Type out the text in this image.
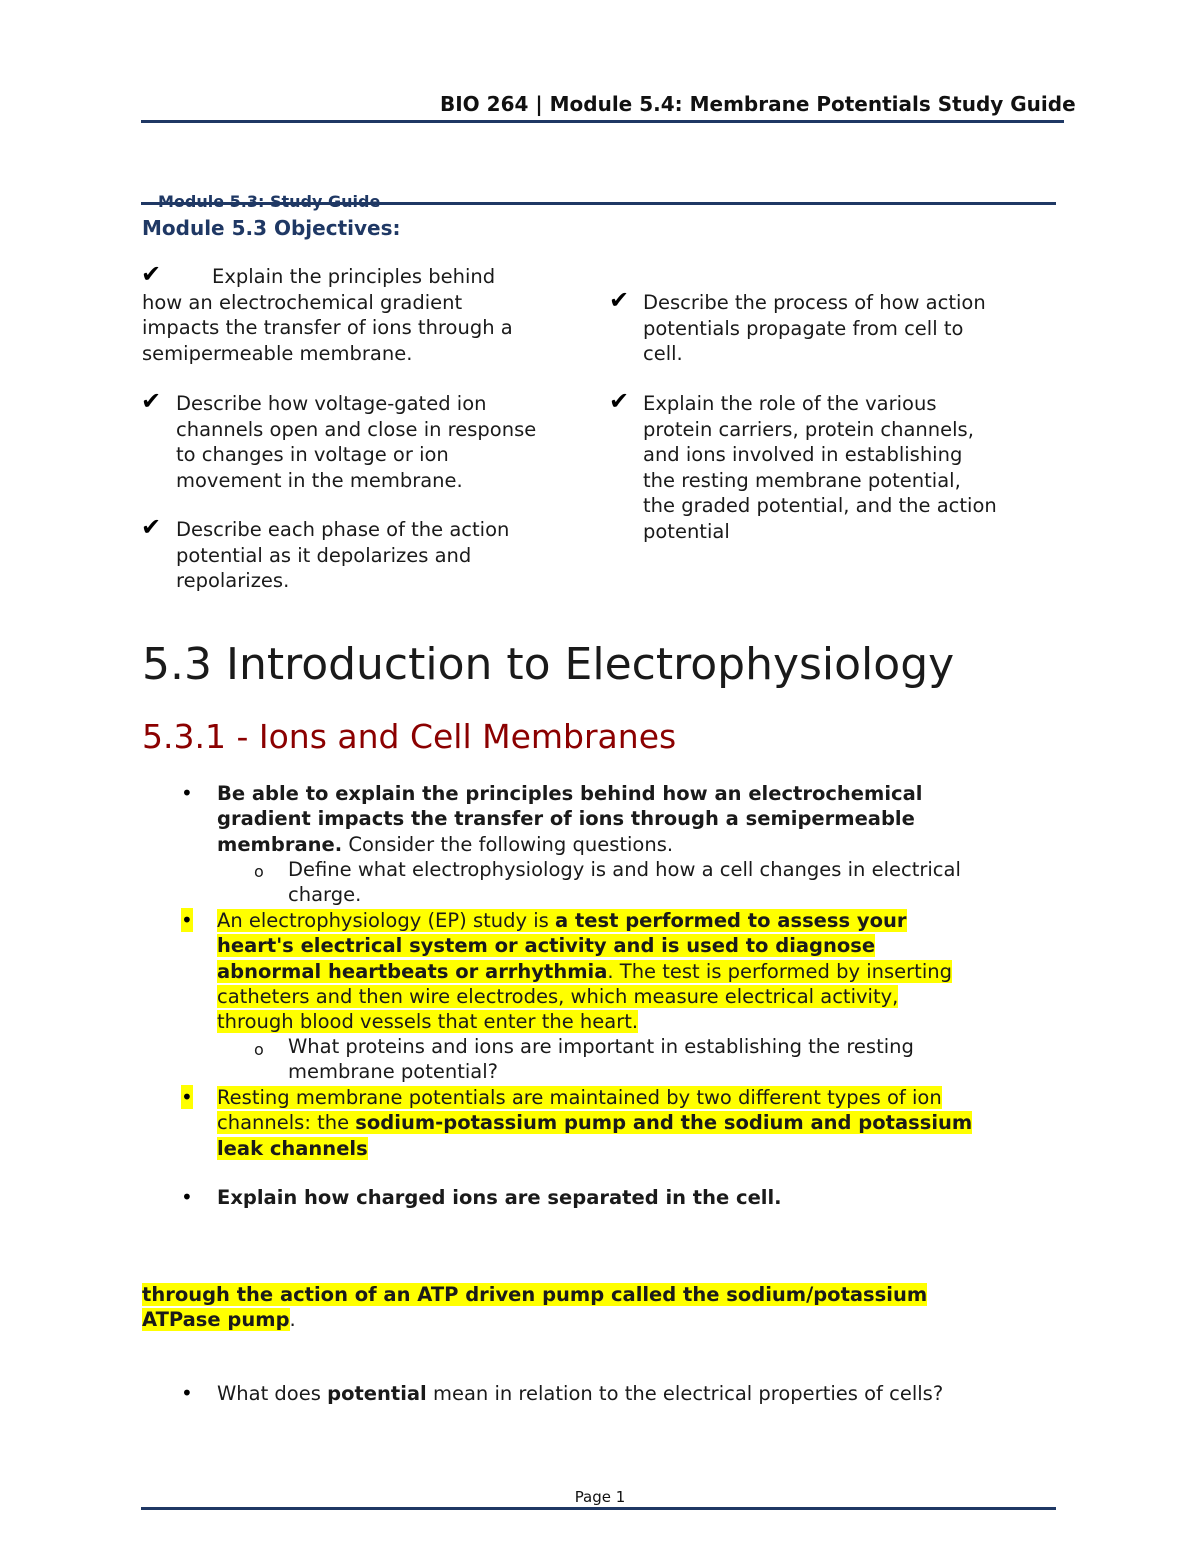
BIO 264 | Module 5.4: Membrane Potentials Study Guide
Module 5.3 Objectives:
✔	Explain the principles behind
how an electrochemical gradient
impacts the transfer of ions through a
semipermeable membrane.
✔ Describe how voltage-gated ion
channels open and close in response
to changes in voltage or ion
movement in the membrane.
✔ Describe each phase of the action
potential as it depolarizes and
repolarizes.
✔ Describe the process of how action
potentials propagate from cell to
cell.
✔ Explain the role of the various
protein carriers, protein channels,
and ions involved in establishing
the resting membrane potential,
the graded potential, and the action
potential
5.3 Introduction to Electrophysiology
5.3.1 - Ions and Cell Membranes
• Be able to explain the principles behind how an electrochemical
gradient impacts the transfer of ions through a semipermeable
membrane. Consider the following questions.
o Define what electrophysiology is and how a cell changes in electrical
charge.
• An electrophysiology (EP) study is a test performed to assess your
heart's electrical system or activity and is used to diagnose
abnormal heartbeats or arrhythmia. The test is performed by inserting
catheters and then wire electrodes, which measure electrical activity,
through blood vessels that enter the heart.
o What proteins and ions are important in establishing the resting
membrane potential?
• Resting membrane potentials are maintained by two different types of ion
channels: the sodium-potassium pump and the sodium and potassium
leak channels
• Explain how charged ions are separated in the cell.
through the action of an ATP driven pump called the sodium/potassium
ATPase pump.
• What does potential mean in relation to the electrical properties of cells?
Page 1
